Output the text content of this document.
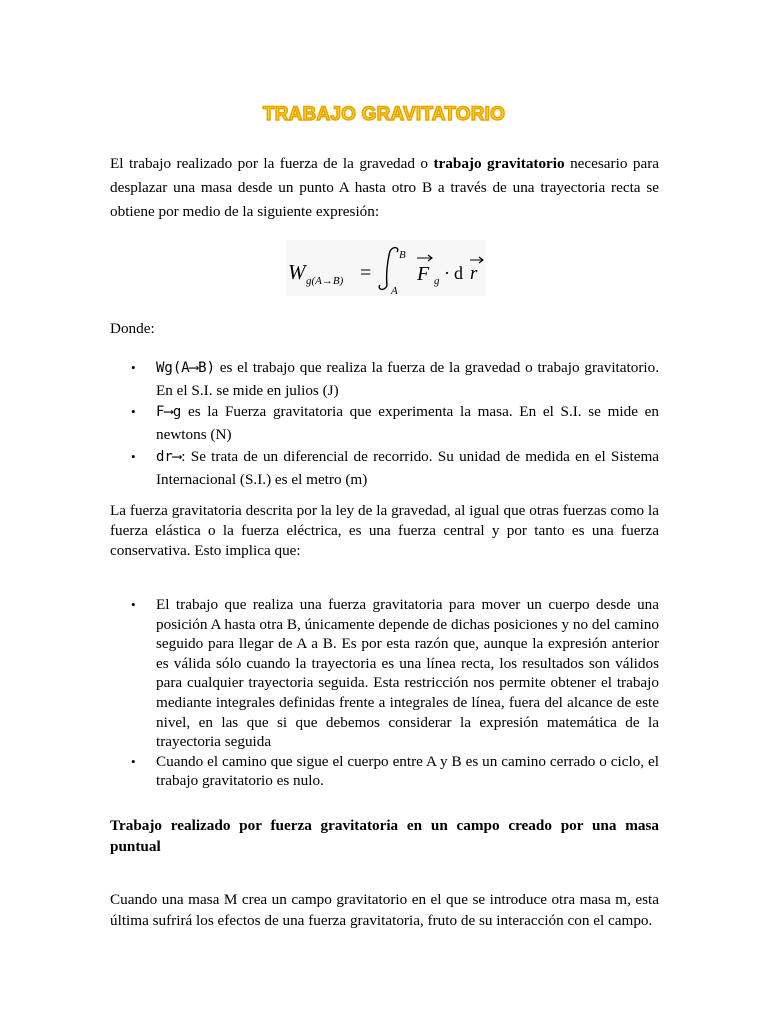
TRABAJO GRAVITATORIO

El trabajo realizado por la fuerza de la gravedad o trabajo gravitatorio necesario para desplazar una masa desde un punto A hasta otro B a través de una trayectoria recta se obtiene por medio de la siguiente expresión:

W g(A→B) =
B
A
F g · d r
Donde:
• Wg(A⟶B) es el trabajo que realiza la fuerza de la gravedad o trabajo gravitatorio. En el S.I. se mide en julios (J)
• F⟶g es la Fuerza gravitatoria que experimenta la masa. En el S.I. se mide en newtons (N)
• dr⟶: Se trata de un diferencial de recorrido. Su unidad de medida en el Sistema Internacional (S.I.) es el metro (m)

La fuerza gravitatoria descrita por la ley de la gravedad, al igual que otras fuerzas como la fuerza elástica o la fuerza eléctrica, es una fuerza central y por tanto es una fuerza conservativa. Esto implica que:

• El trabajo que realiza una fuerza gravitatoria para mover un cuerpo desde una posición A hasta otra B, únicamente depende de dichas posiciones y no del camino seguido para llegar de A a B. Es por esta razón que, aunque la expresión anterior es válida sólo cuando la trayectoria es una línea recta, los resultados son válidos para cualquier trayectoria seguida. Esta restricción nos permite obtener el trabajo mediante integrales definidas frente a integrales de línea, fuera del alcance de este nivel, en las que si que debemos considerar la expresión matemática de la trayectoria seguida
• Cuando el camino que sigue el cuerpo entre A y B es un camino cerrado o ciclo, el trabajo gravitatorio es nulo.
Trabajo realizado por fuerza gravitatoria en un campo creado por una masa
puntual

Cuando una masa M crea un campo gravitatorio en el que se introduce otra masa m, esta última sufrirá los efectos de una fuerza gravitatoria, fruto de su interacción con el campo.
